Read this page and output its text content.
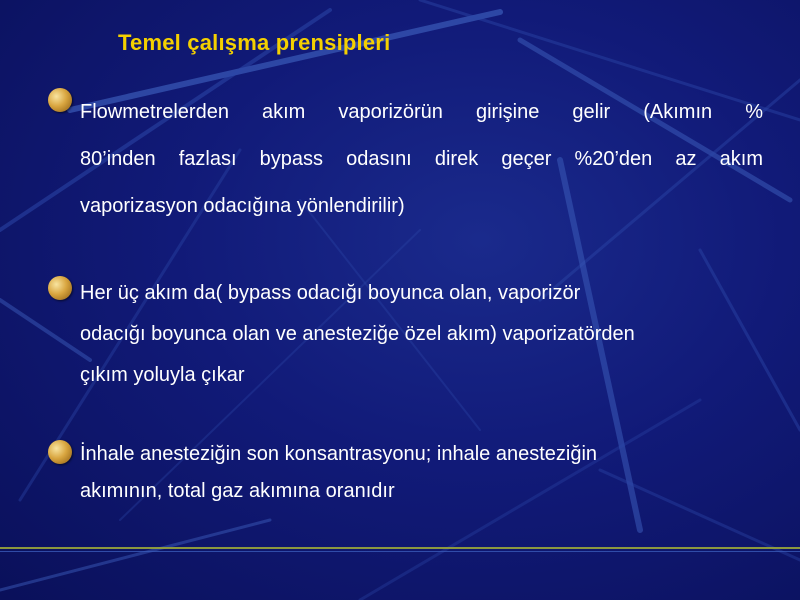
Temel çalışma prensipleri
Flowmetrelerden akım vaporizörün girişine gelir (Akımın %
80’inden fazlası bypass odasını direk geçer %20’den az akım
vaporizasyon odacığına yönlendirilir)
Her üç akım da( bypass odacığı boyunca olan, vaporizör
odacığı boyunca olan ve anesteziğe özel akım) vaporizatörden
çıkım yoluyla çıkar
İnhale anesteziğin son konsantrasyonu; inhale anesteziğin
akımının, total gaz akımına oranıdır
